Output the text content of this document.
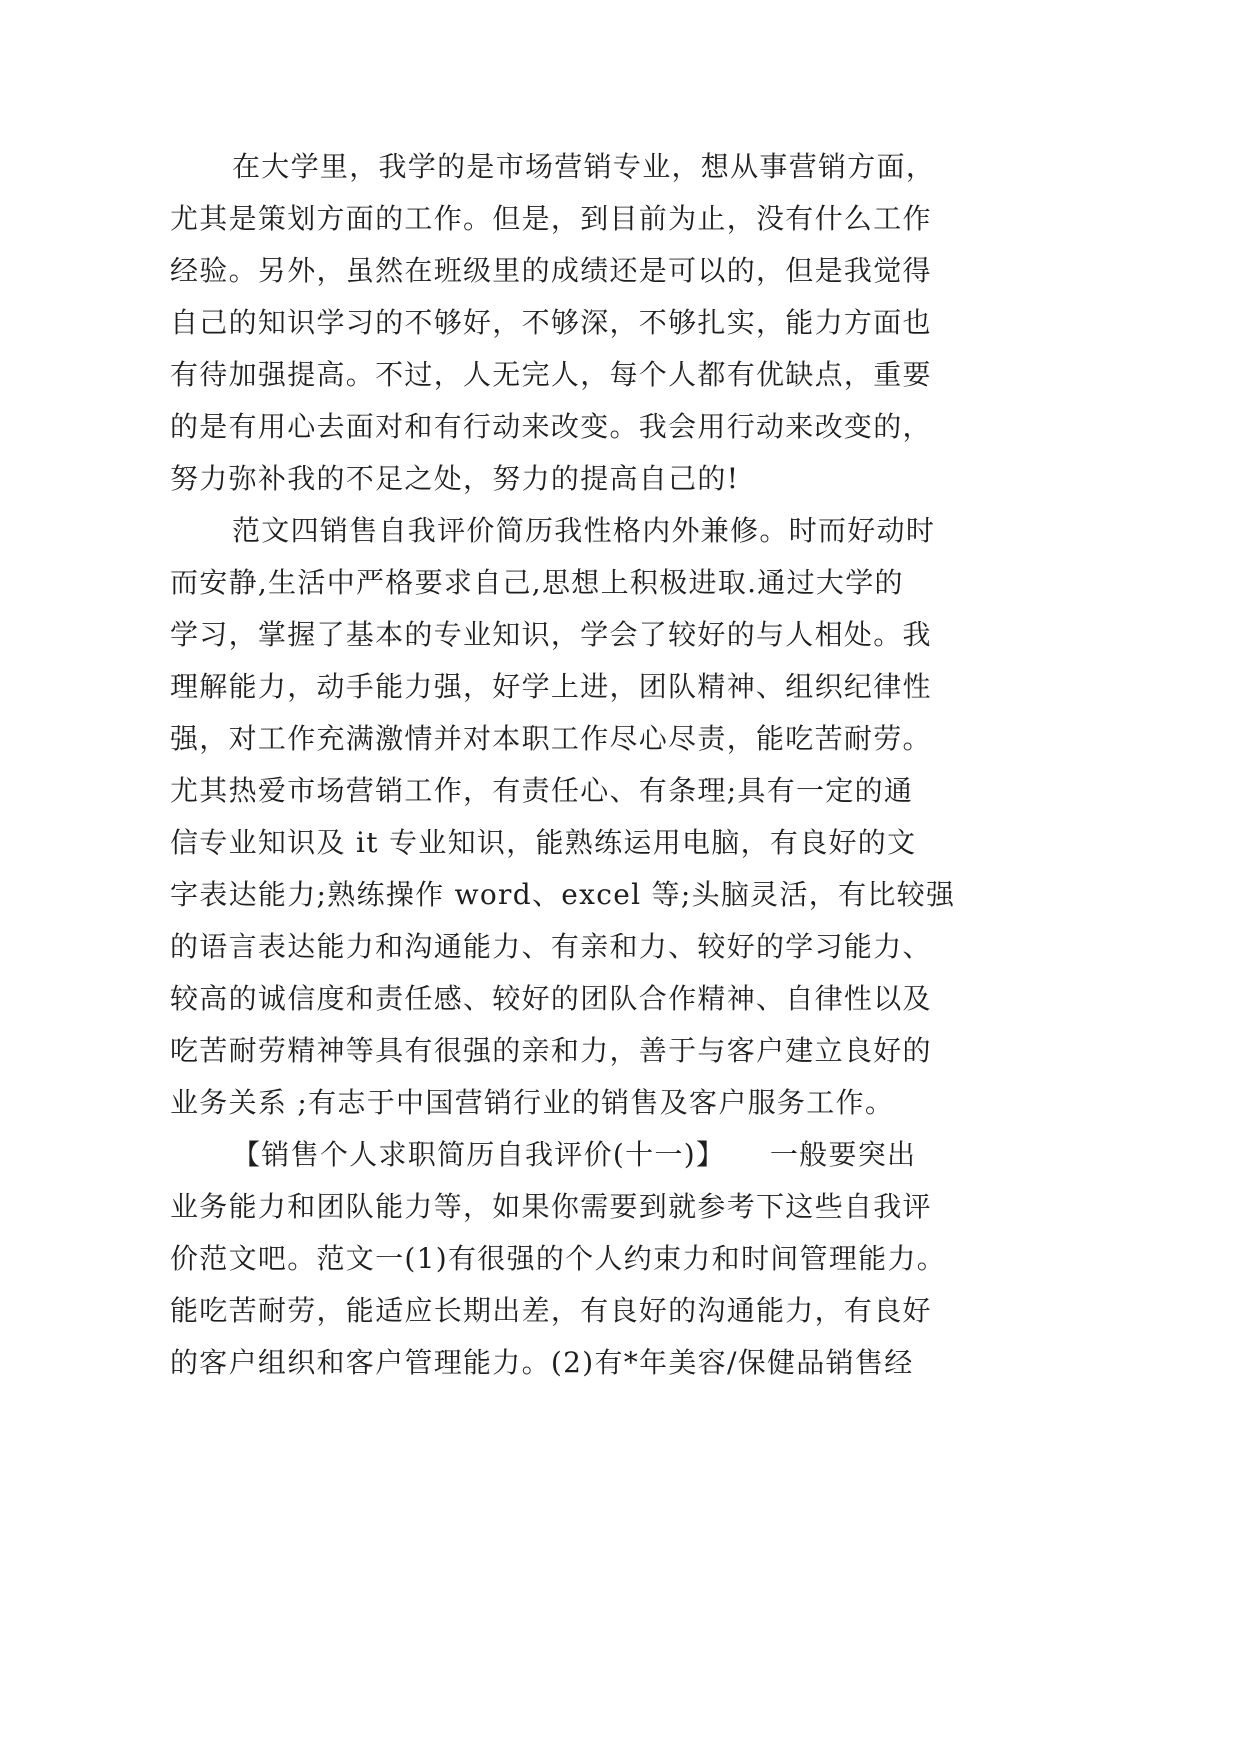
在大学里，我学的是市场营销专业，想从事营销方面，
尤其是策划方面的工作。但是，到目前为止，没有什么工作
经验。另外，虽然在班级里的成绩还是可以的，但是我觉得
自己的知识学习的不够好，不够深，不够扎实，能力方面也
有待加强提高。不过，人无完人，每个人都有优缺点，重要
的是有用心去面对和有行动来改变。我会用行动来改变的，
努力弥补我的不足之处，努力的提高自己的!
范文四销售自我评价简历我性格内外兼修。时而好动时
而安静,生活中严格要求自己,思想上积极进取.通过大学的
学习，掌握了基本的专业知识，学会了较好的与人相处。我
理解能力，动手能力强，好学上进，团队精神、组织纪律性
强，对工作充满激情并对本职工作尽心尽责，能吃苦耐劳。
尤其热爱市场营销工作，有责任心、有条理;具有一定的通
信专业知识及 it 专业知识，能熟练运用电脑，有良好的文
字表达能力;熟练操作 word、excel 等;头脑灵活，有比较强
的语言表达能力和沟通能力、有亲和力、较好的学习能力、
较高的诚信度和责任感、较好的团队合作精神、自律性以及
吃苦耐劳精神等具有很强的亲和力，善于与客户建立良好的
业务关系 ;有志于中国营销行业的销售及客户服务工作。
【销售个人求职简历自我评价(十一)】　　一般要突出
业务能力和团队能力等，如果你需要到就参考下这些自我评
价范文吧。范文一(1)有很强的个人约束力和时间管理能力。
能吃苦耐劳，能适应长期出差，有良好的沟通能力，有良好
的客户组织和客户管理能力。(2)有*年美容/保健品销售经
